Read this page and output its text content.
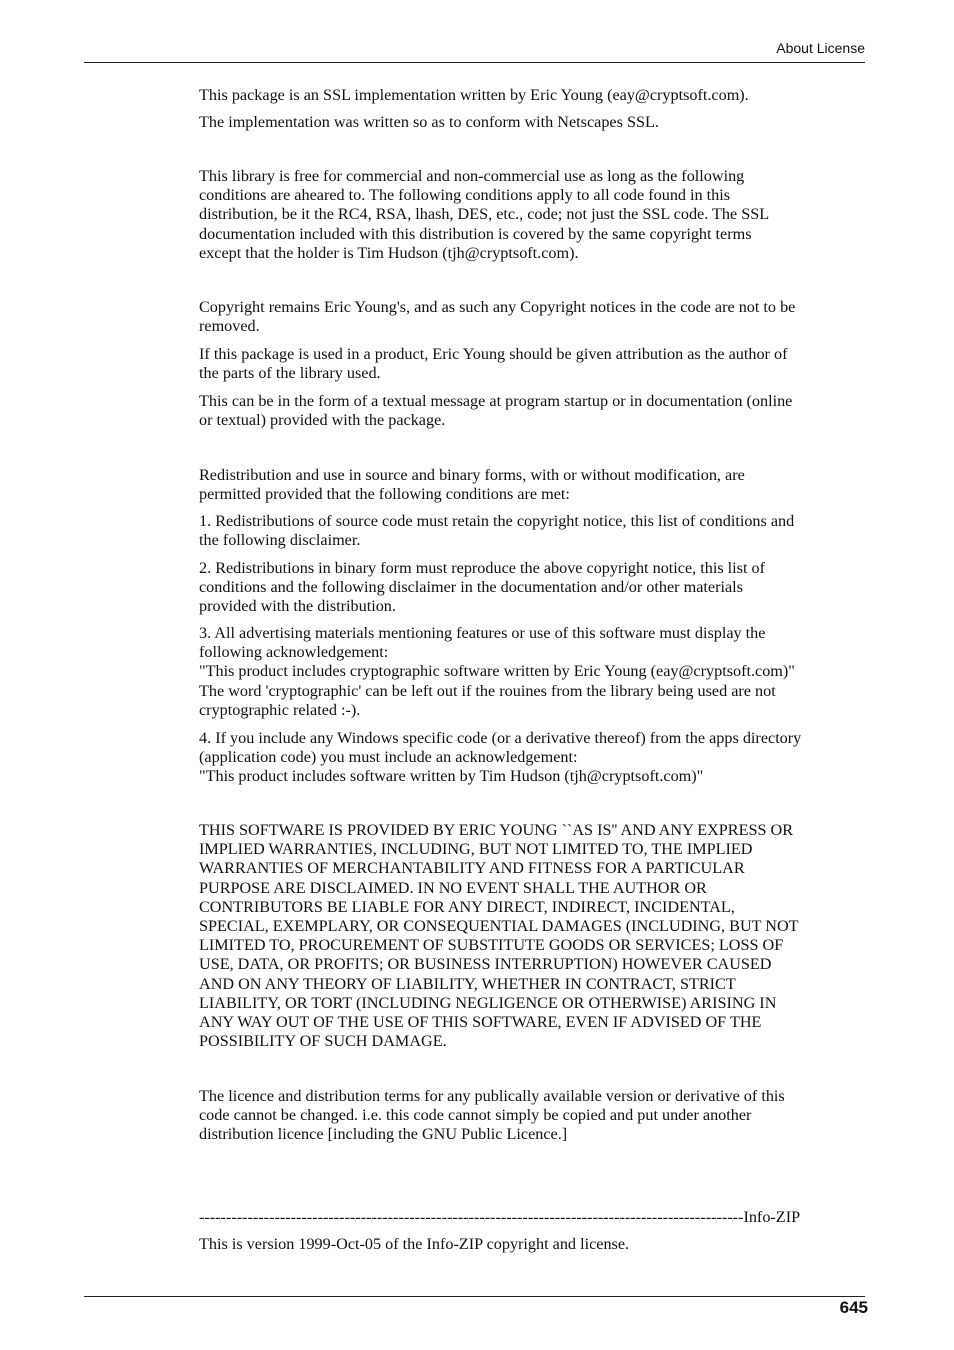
About License
This package is an SSL implementation written by Eric Young (eay@cryptsoft.com).
The implementation was written so as to conform with Netscapes SSL.
This library is free for commercial and non-commercial use as long as the following
conditions are aheared to. The following conditions apply to all code found in this
distribution, be it the RC4, RSA, lhash, DES, etc., code; not just the SSL code. The SSL
documentation included with this distribution is covered by the same copyright terms
except that the holder is Tim Hudson (tjh@cryptsoft.com).
Copyright remains Eric Young's, and as such any Copyright notices in the code are not to be
removed.
If this package is used in a product, Eric Young should be given attribution as the author of
the parts of the library used.
This can be in the form of a textual message at program startup or in documentation (online
or textual) provided with the package.
Redistribution and use in source and binary forms, with or without modification, are
permitted provided that the following conditions are met:
1. Redistributions of source code must retain the copyright notice, this list of conditions and
the following disclaimer.
2. Redistributions in binary form must reproduce the above copyright notice, this list of
conditions and the following disclaimer in the documentation and/or other materials
provided with the distribution.
3. All advertising materials mentioning features or use of this software must display the
following acknowledgement:
"This product includes cryptographic software written by Eric Young (eay@cryptsoft.com)"
The word 'cryptographic' can be left out if the rouines from the library being used are not
cryptographic related :-).
4. If you include any Windows specific code (or a derivative thereof) from the apps directory
(application code) you must include an acknowledgement:
"This product includes software written by Tim Hudson (tjh@cryptsoft.com)"
THIS SOFTWARE IS PROVIDED BY ERIC YOUNG ``AS IS'' AND ANY EXPRESS OR
IMPLIED WARRANTIES, INCLUDING, BUT NOT LIMITED TO, THE IMPLIED
WARRANTIES OF MERCHANTABILITY AND FITNESS FOR A PARTICULAR
PURPOSE ARE DISCLAIMED. IN NO EVENT SHALL THE AUTHOR OR
CONTRIBUTORS BE LIABLE FOR ANY DIRECT, INDIRECT, INCIDENTAL,
SPECIAL, EXEMPLARY, OR CONSEQUENTIAL DAMAGES (INCLUDING, BUT NOT
LIMITED TO, PROCUREMENT OF SUBSTITUTE GOODS OR SERVICES; LOSS OF
USE, DATA, OR PROFITS; OR BUSINESS INTERRUPTION) HOWEVER CAUSED
AND ON ANY THEORY OF LIABILITY, WHETHER IN CONTRACT, STRICT
LIABILITY, OR TORT (INCLUDING NEGLIGENCE OR OTHERWISE) ARISING IN
ANY WAY OUT OF THE USE OF THIS SOFTWARE, EVEN IF ADVISED OF THE
POSSIBILITY OF SUCH DAMAGE.
The licence and distribution terms for any publically available version or derivative of this
code cannot be changed. i.e. this code cannot simply be copied and put under another
distribution licence [including the GNU Public Licence.]
-----------------------------------------------------------------------------------------------------Info-ZIP
This is version 1999-Oct-05 of the Info-ZIP copyright and license.
645
